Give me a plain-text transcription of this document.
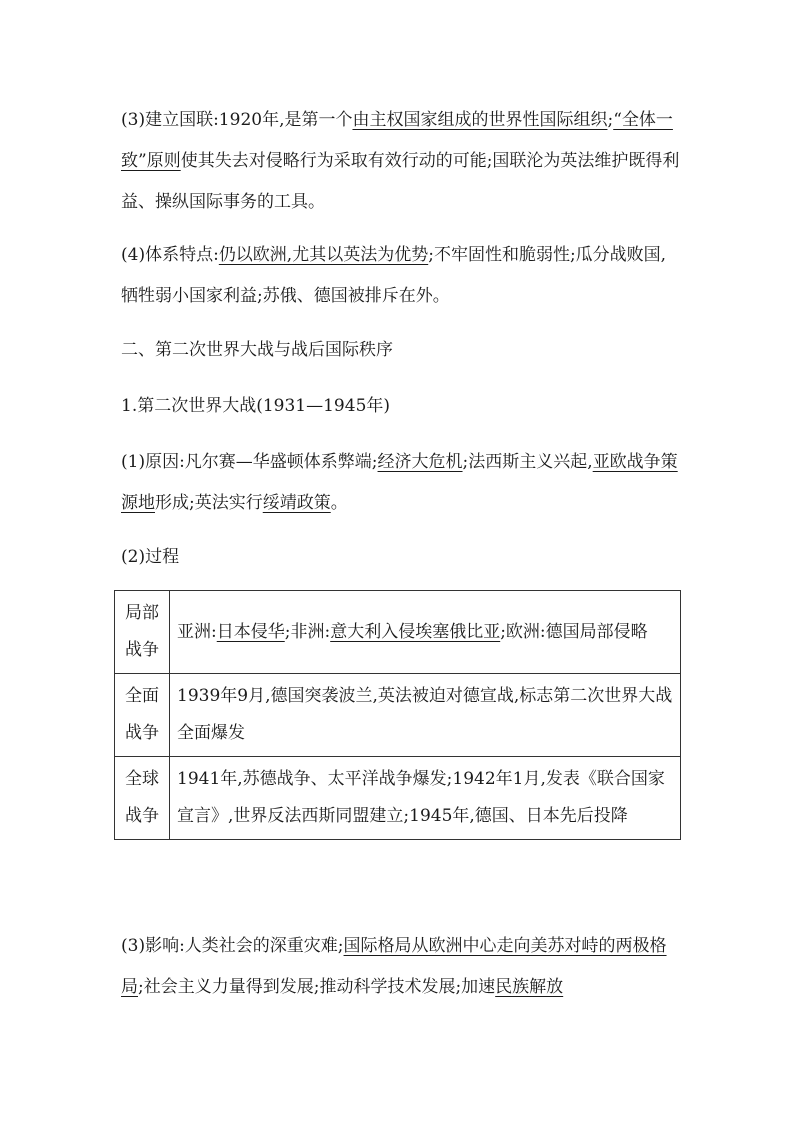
(3)建立国联:1920年,是第一个由主权国家组成的世界性国际组织;“全体一致”原则使其失去对侵略行为采取有效行动的可能;国联沦为英法维护既得利益、操纵国际事务的工具。

(4)体系特点:仍以欧洲,尤其以英法为优势;不牢固性和脆弱性;瓜分战败国,牺牲弱小国家利益;苏俄、德国被排斥在外。

二、第二次世界大战与战后国际秩序

1.第二次世界大战(1931—1945年)

(1)原因:凡尔赛—华盛顿体系弊端;经济大危机;法西斯主义兴起,亚欧战争策源地形成;英法实行绥靖政策。

(2)过程

局部战争	亚洲:日本侵华;非洲:意大利入侵埃塞俄比亚;欧洲:德国局部侵略
全面战争	1939年9月,德国突袭波兰,英法被迫对德宣战,标志第二次世界大战全面爆发
全球战争	1941年,苏德战争、太平洋战争爆发;1942年1月,发表《联合国家宣言》,世界反法西斯同盟建立;1945年,德国、日本先后投降

(3)影响:人类社会的深重灾难;国际格局从欧洲中心走向美苏对峙的两极格局;社会主义力量得到发展;推动科学技术发展;加速民族解放
